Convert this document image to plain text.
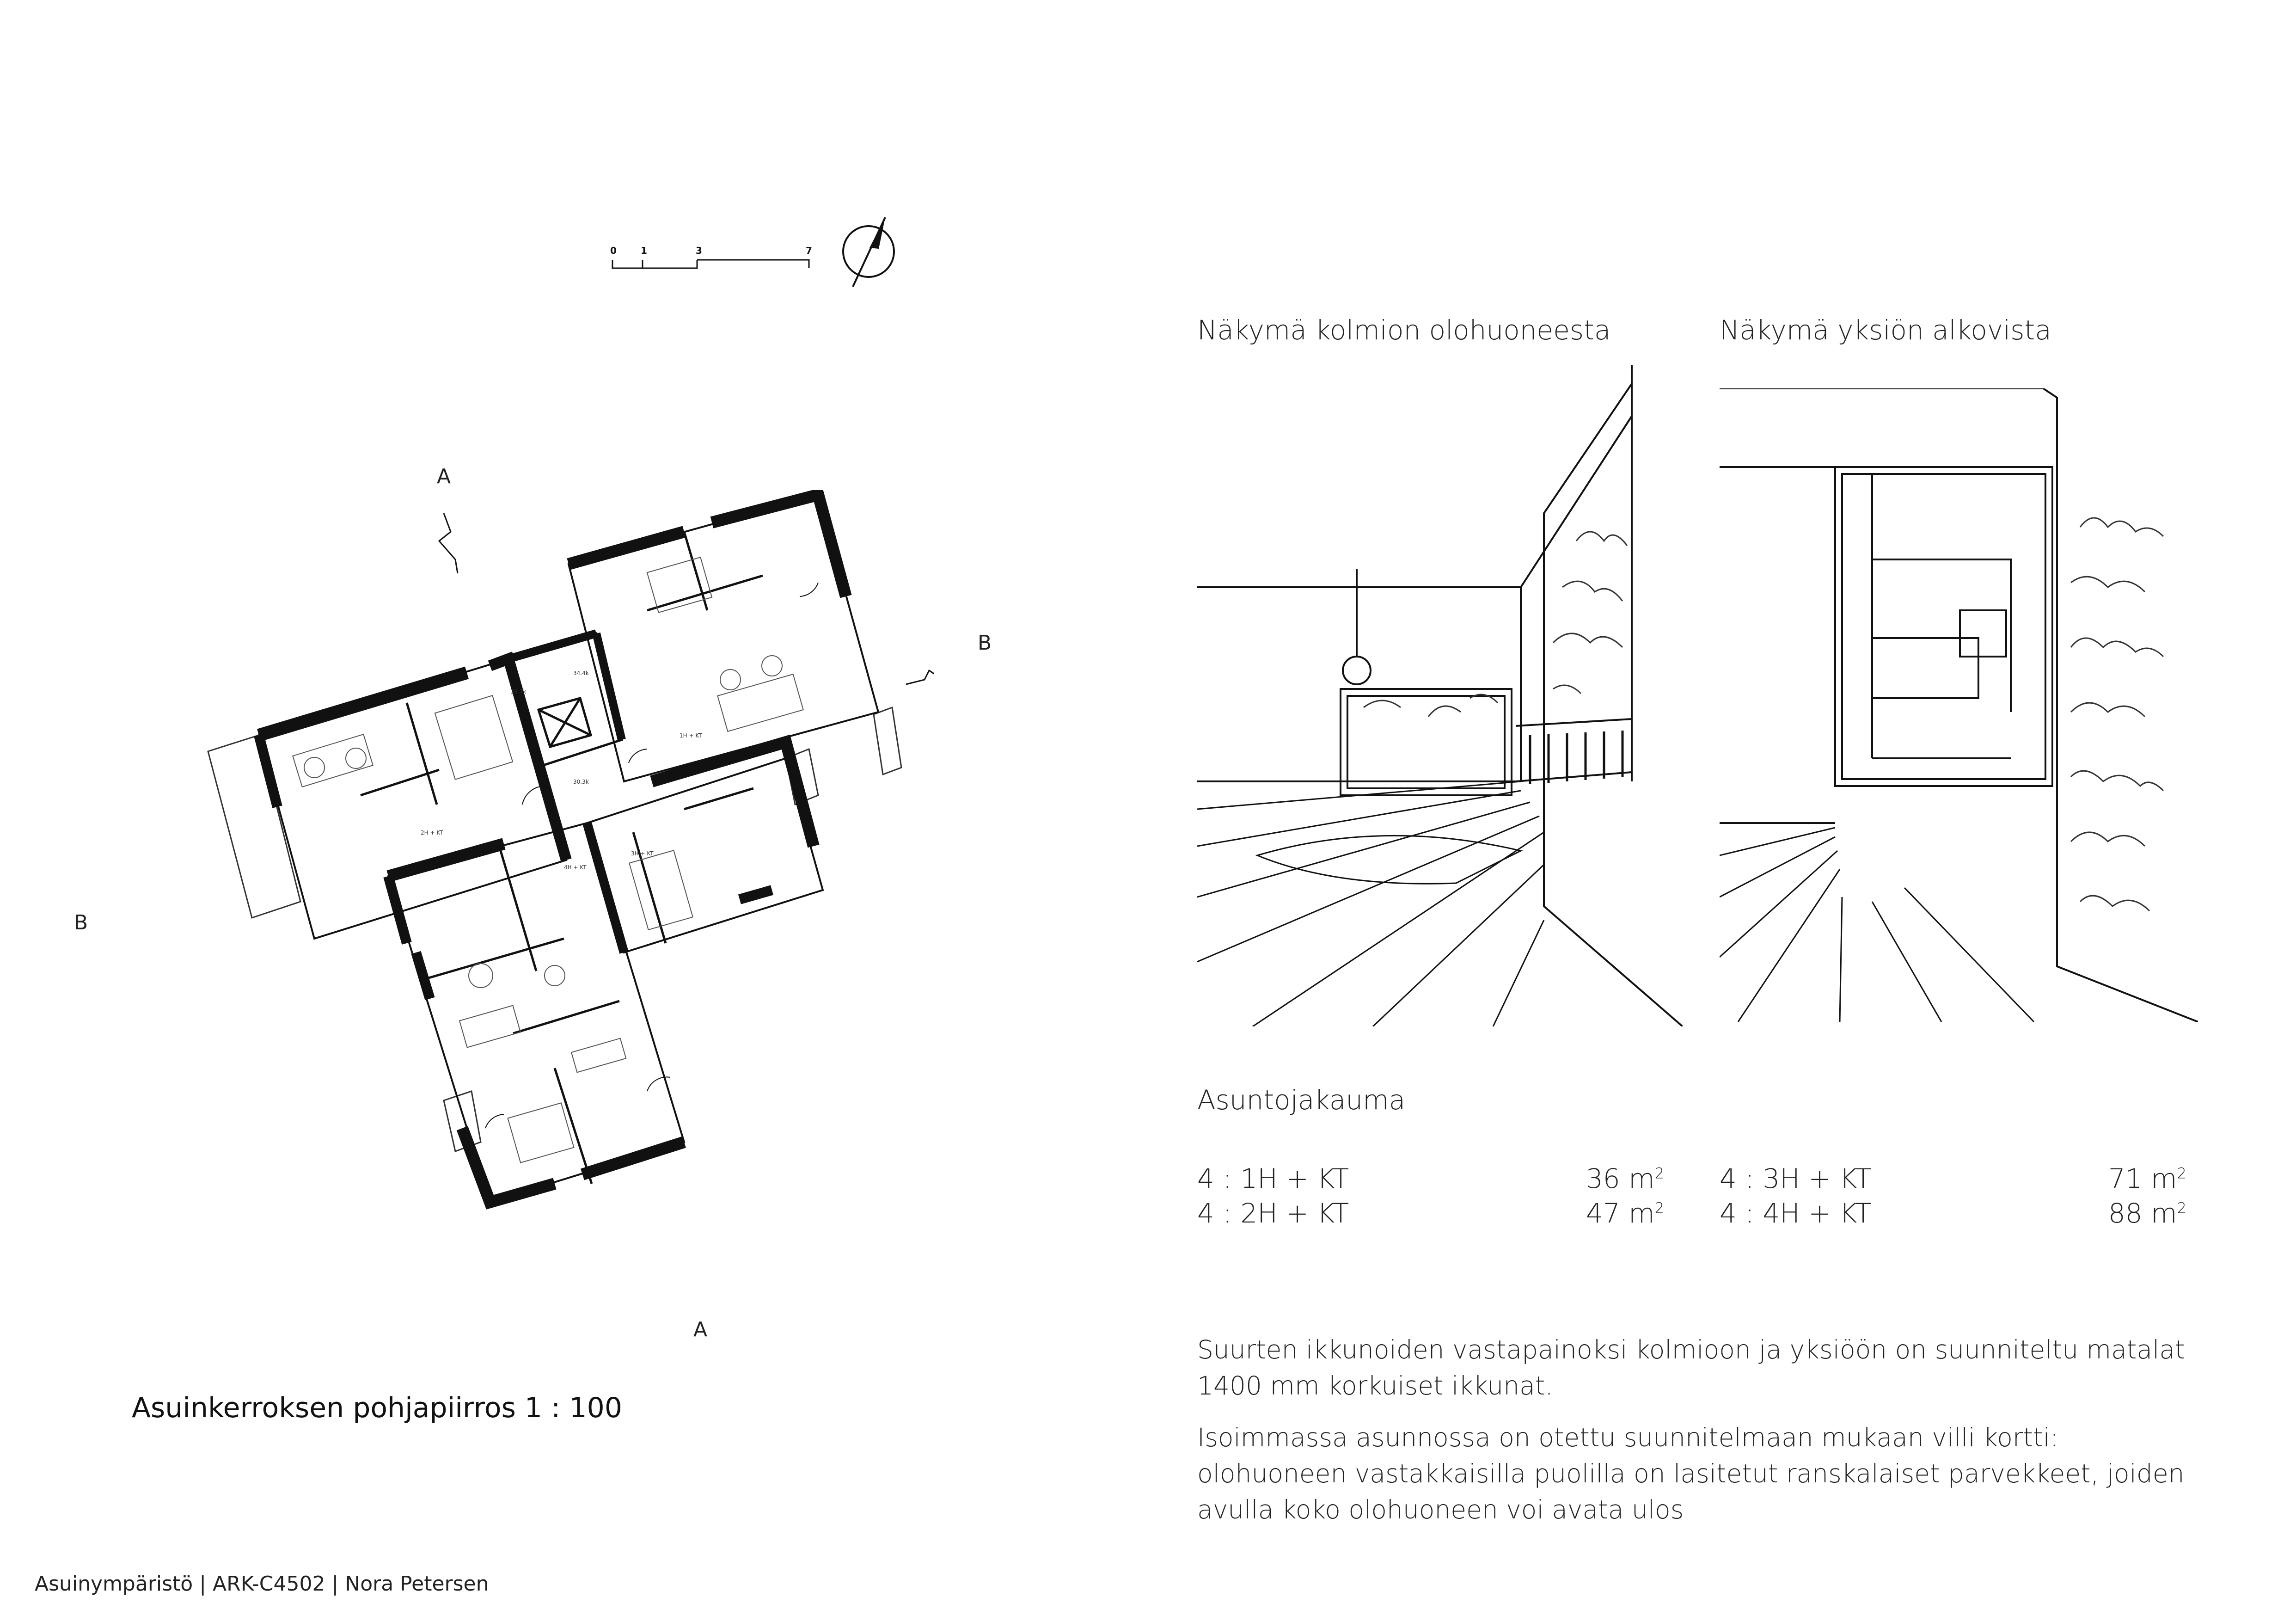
0	1	3	7
33.7k
34.4k
30.3k
2H + KT
4H + KT
3H + KT
1H + KT
A
A
B
B
Asuinkerroksen pohjapiirros 1 : 100
Näkymä kolmion olohuoneesta	Näkymä yksiön alkovista
Asuntojakauma
4 : 1H + KT	36 $m^2$
4 : 2H + KT	47 $m^2$
4 : 3H + KT	71 $m^2$
4 : 4H + KT	88 $m^2$
Suurten ikkunoiden vastapainoksi kolmioon ja yksiöön on suunniteltu matalat 1400 mm korkuiset ikkunat.
Isoimmassa asunnossa on otettu suunnitelmaan mukaan villi kortti: olohuoneen vastakkaisilla puolilla on lasitetut ranskalaiset parvekkeet, joiden avulla koko olohuoneen voi avata ulos
Asuinympäristö | ARK-C4502 | Nora Petersen
